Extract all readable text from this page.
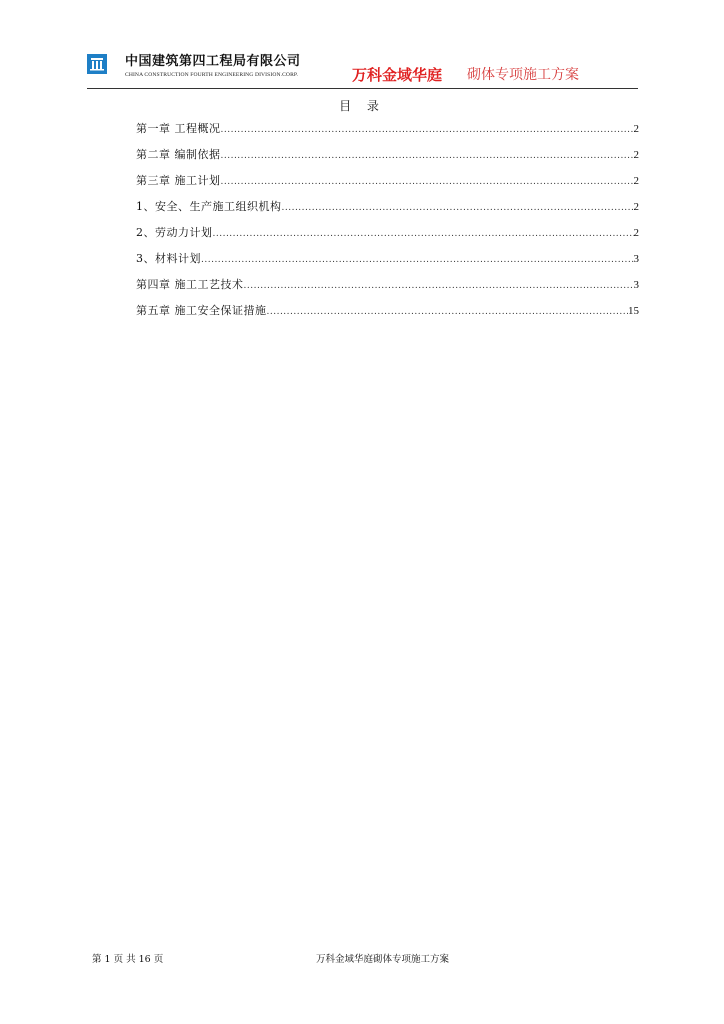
中国建筑第四工程局有限公司
CHINA CONSTRUCTION FOURTH ENGINEERING DIVISION.CORP.	万科金域华庭 砌体专项施工方案
目 录
第一章 工程概况 .....	2
第二章 编制依据 .....	2
第三章 施工计划 .....	2
1、安全、生产施工组织机构 .....	2
2、劳动力计划 .....	2
3、材料计划 .....	3
第四章 施工工艺技术 .....	3
第五章 施工安全保证措施 .....	15
第 1 页 共 16 页	万科金域华庭砌体专项施工方案
